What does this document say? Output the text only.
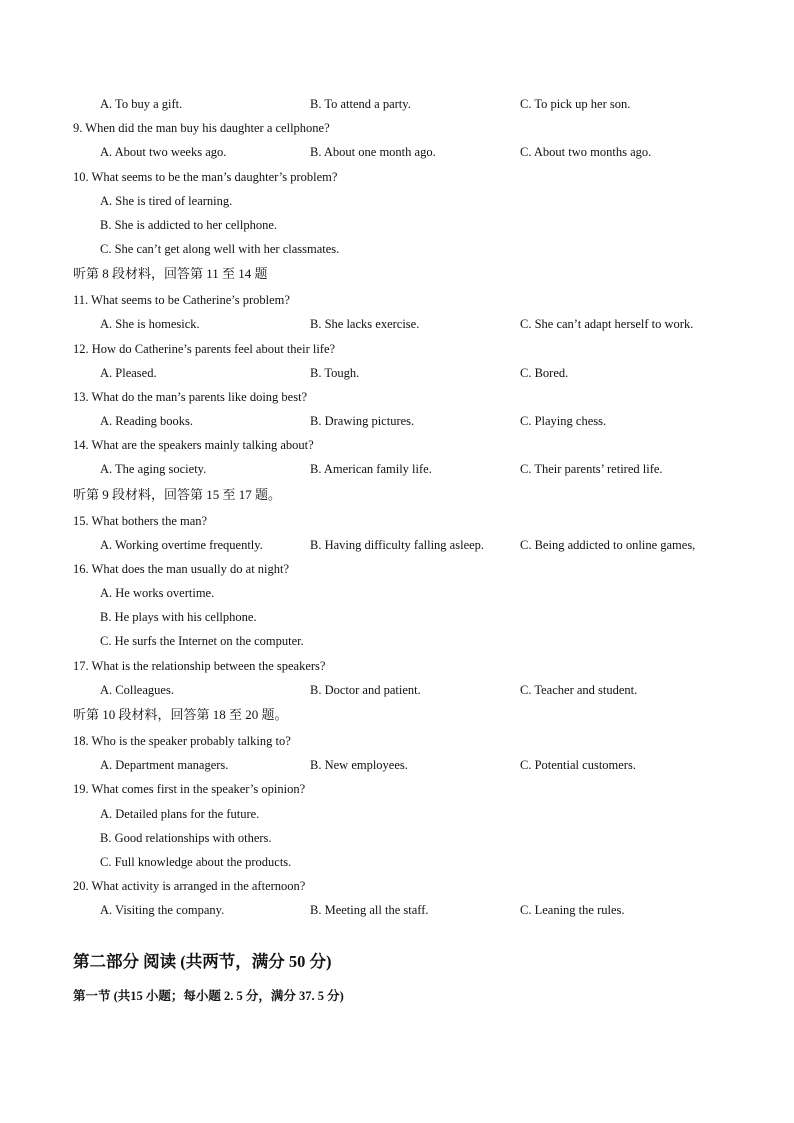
A. To buy a gift.	B. To attend a party.	C. To pick up her son.
9. When did the man buy his daughter a cellphone?
A. About two weeks ago.	B. About one month ago.	C. About two months ago.
10. What seems to be the man’s daughter’s problem?
A. She is tired of learning.
B. She is addicted to her cellphone.
C. She can’t get along well with her classmates.
听第 8 段材料，回答第 11 至 14 题
11. What seems to be Catherine’s problem?
A. She is homesick.	B. She lacks exercise.	C. She can’t adapt herself to work.
12. How do Catherine’s parents feel about their life?
A. Pleased.	B. Tough.	C. Bored.
13. What do the man’s parents like doing best?
A. Reading books.	B. Drawing pictures.	C. Playing chess.
14. What are the speakers mainly talking about?
A. The aging society.	B. American family life.	C. Their parents’ retired life.
听第 9 段材料，回答第 15 至 17 题。
15. What bothers the man?
A. Working overtime frequently.	B. Having difficulty falling asleep.	C. Being addicted to online games,
16. What does the man usually do at night?
A. He works overtime.
B. He plays with his cellphone.
C. He surfs the Internet on the computer.
17. What is the relationship between the speakers?
A. Colleagues.	B. Doctor and patient.	C. Teacher and student.
听第 10 段材料，回答第 18 至 20 题。
18. Who is the speaker probably talking to?
A. Department managers.	B. New employees.	C. Potential customers.
19. What comes first in the speaker’s opinion?
A. Detailed plans for the future.
B. Good relationships with others.
C. Full knowledge about the products.
20. What activity is arranged in the afternoon?
A. Visiting the company.	B. Meeting all the staff.	C. Leaning the rules.
第二部分 阅读 (共两节，满分 50 分)
第一节 (共15 小题；每小题 2. 5 分，满分 37. 5 分)
